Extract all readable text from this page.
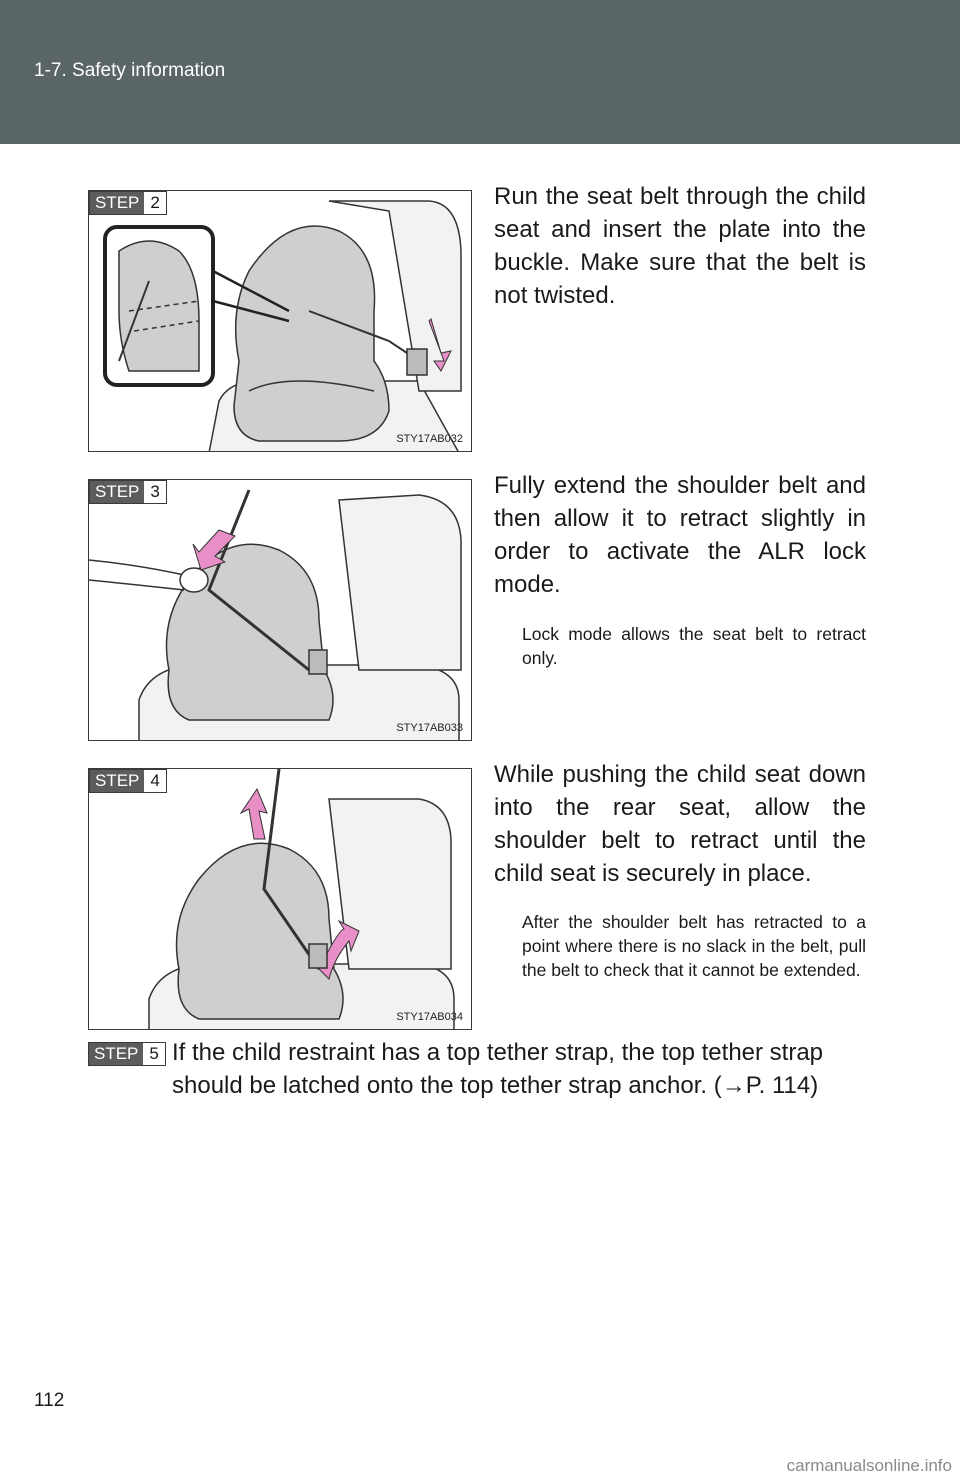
1-7. Safety information
STEP 2
STY17AB032
Run the seat belt through the child seat and insert the plate into the buckle. Make sure that the belt is not twisted.
STEP 3
STY17AB033
Fully extend the shoulder belt and then allow it to retract slightly in order to activate the ALR lock mode.
Lock mode allows the seat belt to retract only.
STEP 4
STY17AB034
While pushing the child seat down into the rear seat, allow the shoulder belt to retract until the child seat is securely in place.
After the shoulder belt has retracted to a point where there is no slack in the belt, pull the belt to check that it cannot be extended.
STEP 5 If the child restraint has a top tether strap, the top tether strap should be latched onto the top tether strap anchor. (→P. 114)
112
carmanualsonline.info
